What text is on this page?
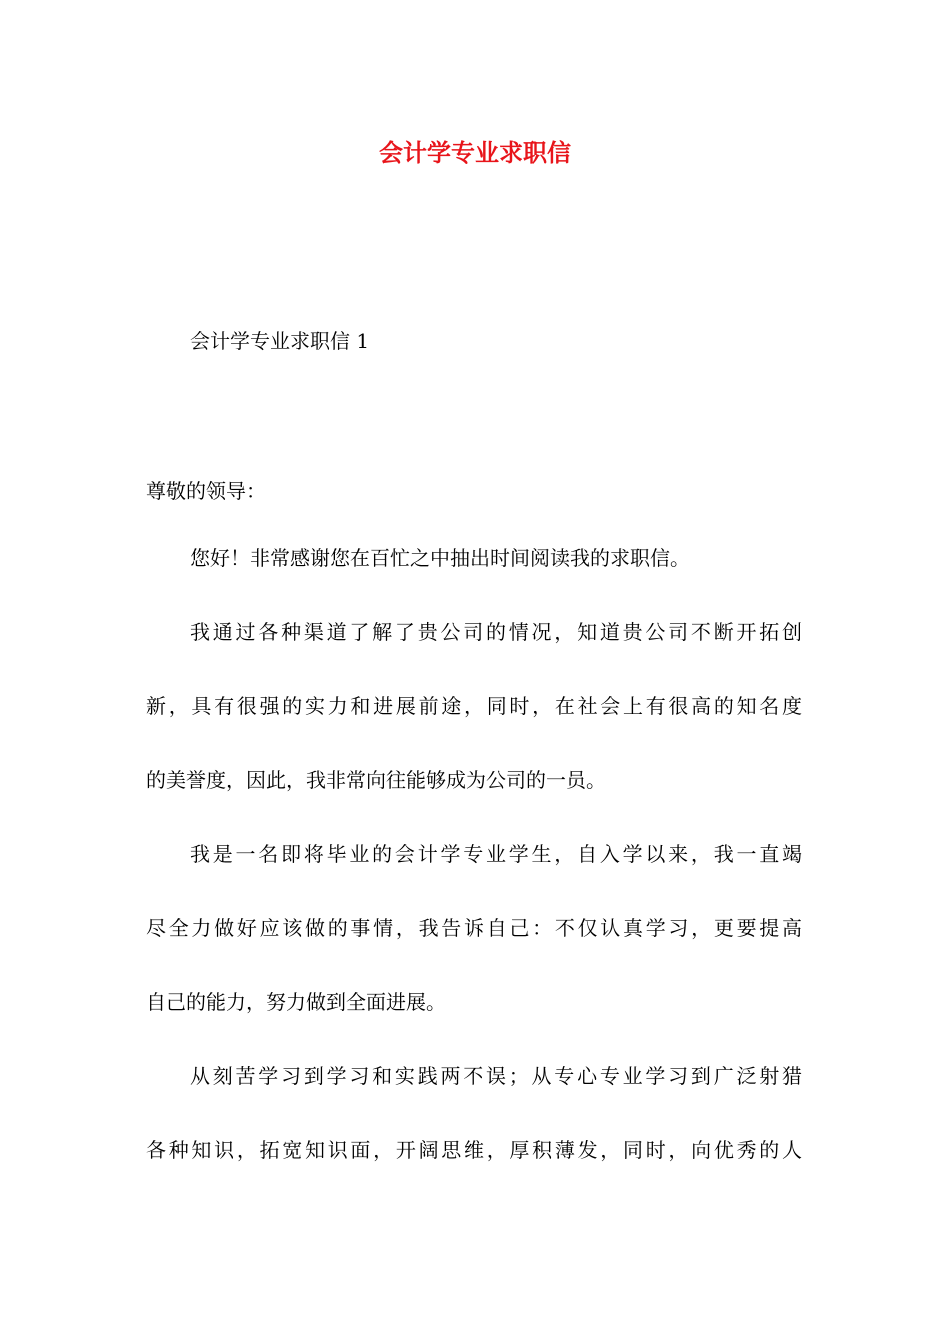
会计学专业求职信
会计学专业求职信 1
尊敬的领导：
您好！非常感谢您在百忙之中抽出时间阅读我的求职信。
我通过各种渠道了解了贵公司的情况，知道贵公司不断开拓创
新，具有很强的实力和进展前途，同时，在社会上有很高的知名度
的美誉度，因此，我非常向往能够成为公司的一员。
我是一名即将毕业的会计学专业学生，自入学以来，我一直竭
尽全力做好应该做的事情，我告诉自己：不仅认真学习，更要提高
自己的能力，努力做到全面进展。
从刻苦学习到学习和实践两不误；从专心专业学习到广泛射猎
各种知识，拓宽知识面，开阔思维，厚积薄发，同时，向优秀的人
